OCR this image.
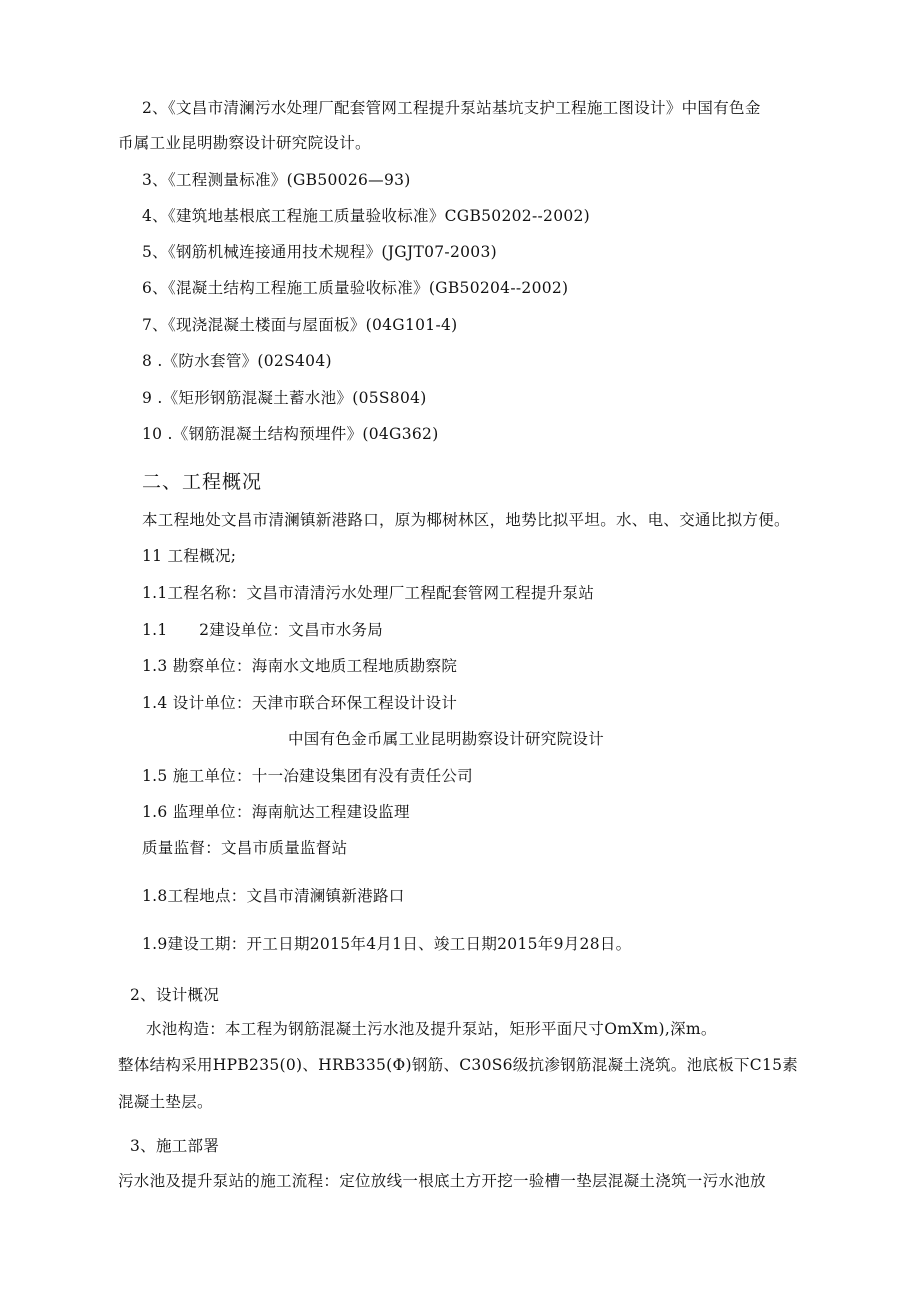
2、《文昌市清澜污水处理厂配套管网工程提升泵站基坑支护工程施工图设计》中国有色金
币属工业昆明勘察设计研究院设计。
3、《工程测量标准》(GB50026—93)
4、《建筑地基根底工程施工质量验收标准》CGB50202--2002)
5、《钢筋机械连接通用技术规程》(JGJT07-2003)
6、《混凝土结构工程施工质量验收标准》(GB50204--2002)
7、《现浇混凝土楼面与屋面板》(04G101-4)
8 .《防水套管》(02S404)
9 .《矩形钢筋混凝土蓄水池》(05S804)
10 .《钢筋混凝土结构预埋件》(04G362)
二、工程概况
本工程地处文昌市清澜镇新港路口，原为椰树林区，地势比拟平坦。水、电、交通比拟方便。
11 工程概况;
1.1工程名称：文昌市清清污水处理厂工程配套管网工程提升泵站
1.1　　2建设单位：文昌市水务局
1.3 勘察单位：海南水文地质工程地质勘察院
1.4 设计单位：天津市联合环保工程设计设计
中国有色金币属工业昆明勘察设计研究院设计
1.5 施工单位：十一冶建设集团有没有责任公司
1.6 监理单位：海南航达工程建设监理
质量监督：文昌市质量监督站
1.8工程地点：文昌市清澜镇新港路口
1.9建设工期：开工日期2015年4月1日、竣工日期2015年9月28日。
2、设计概况
水池构造：本工程为钢筋混凝土污水池及提升泵站，矩形平面尺寸OmXm),深m。
整体结构采用HPB235(0)、HRB335(Φ)钢筋、C30S6级抗渗钢筋混凝土浇筑。池底板下C15素
混凝土垫层。
3、施工部署
污水池及提升泵站的施工流程：定位放线一根底土方开挖一验槽一垫层混凝土浇筑一污水池放
